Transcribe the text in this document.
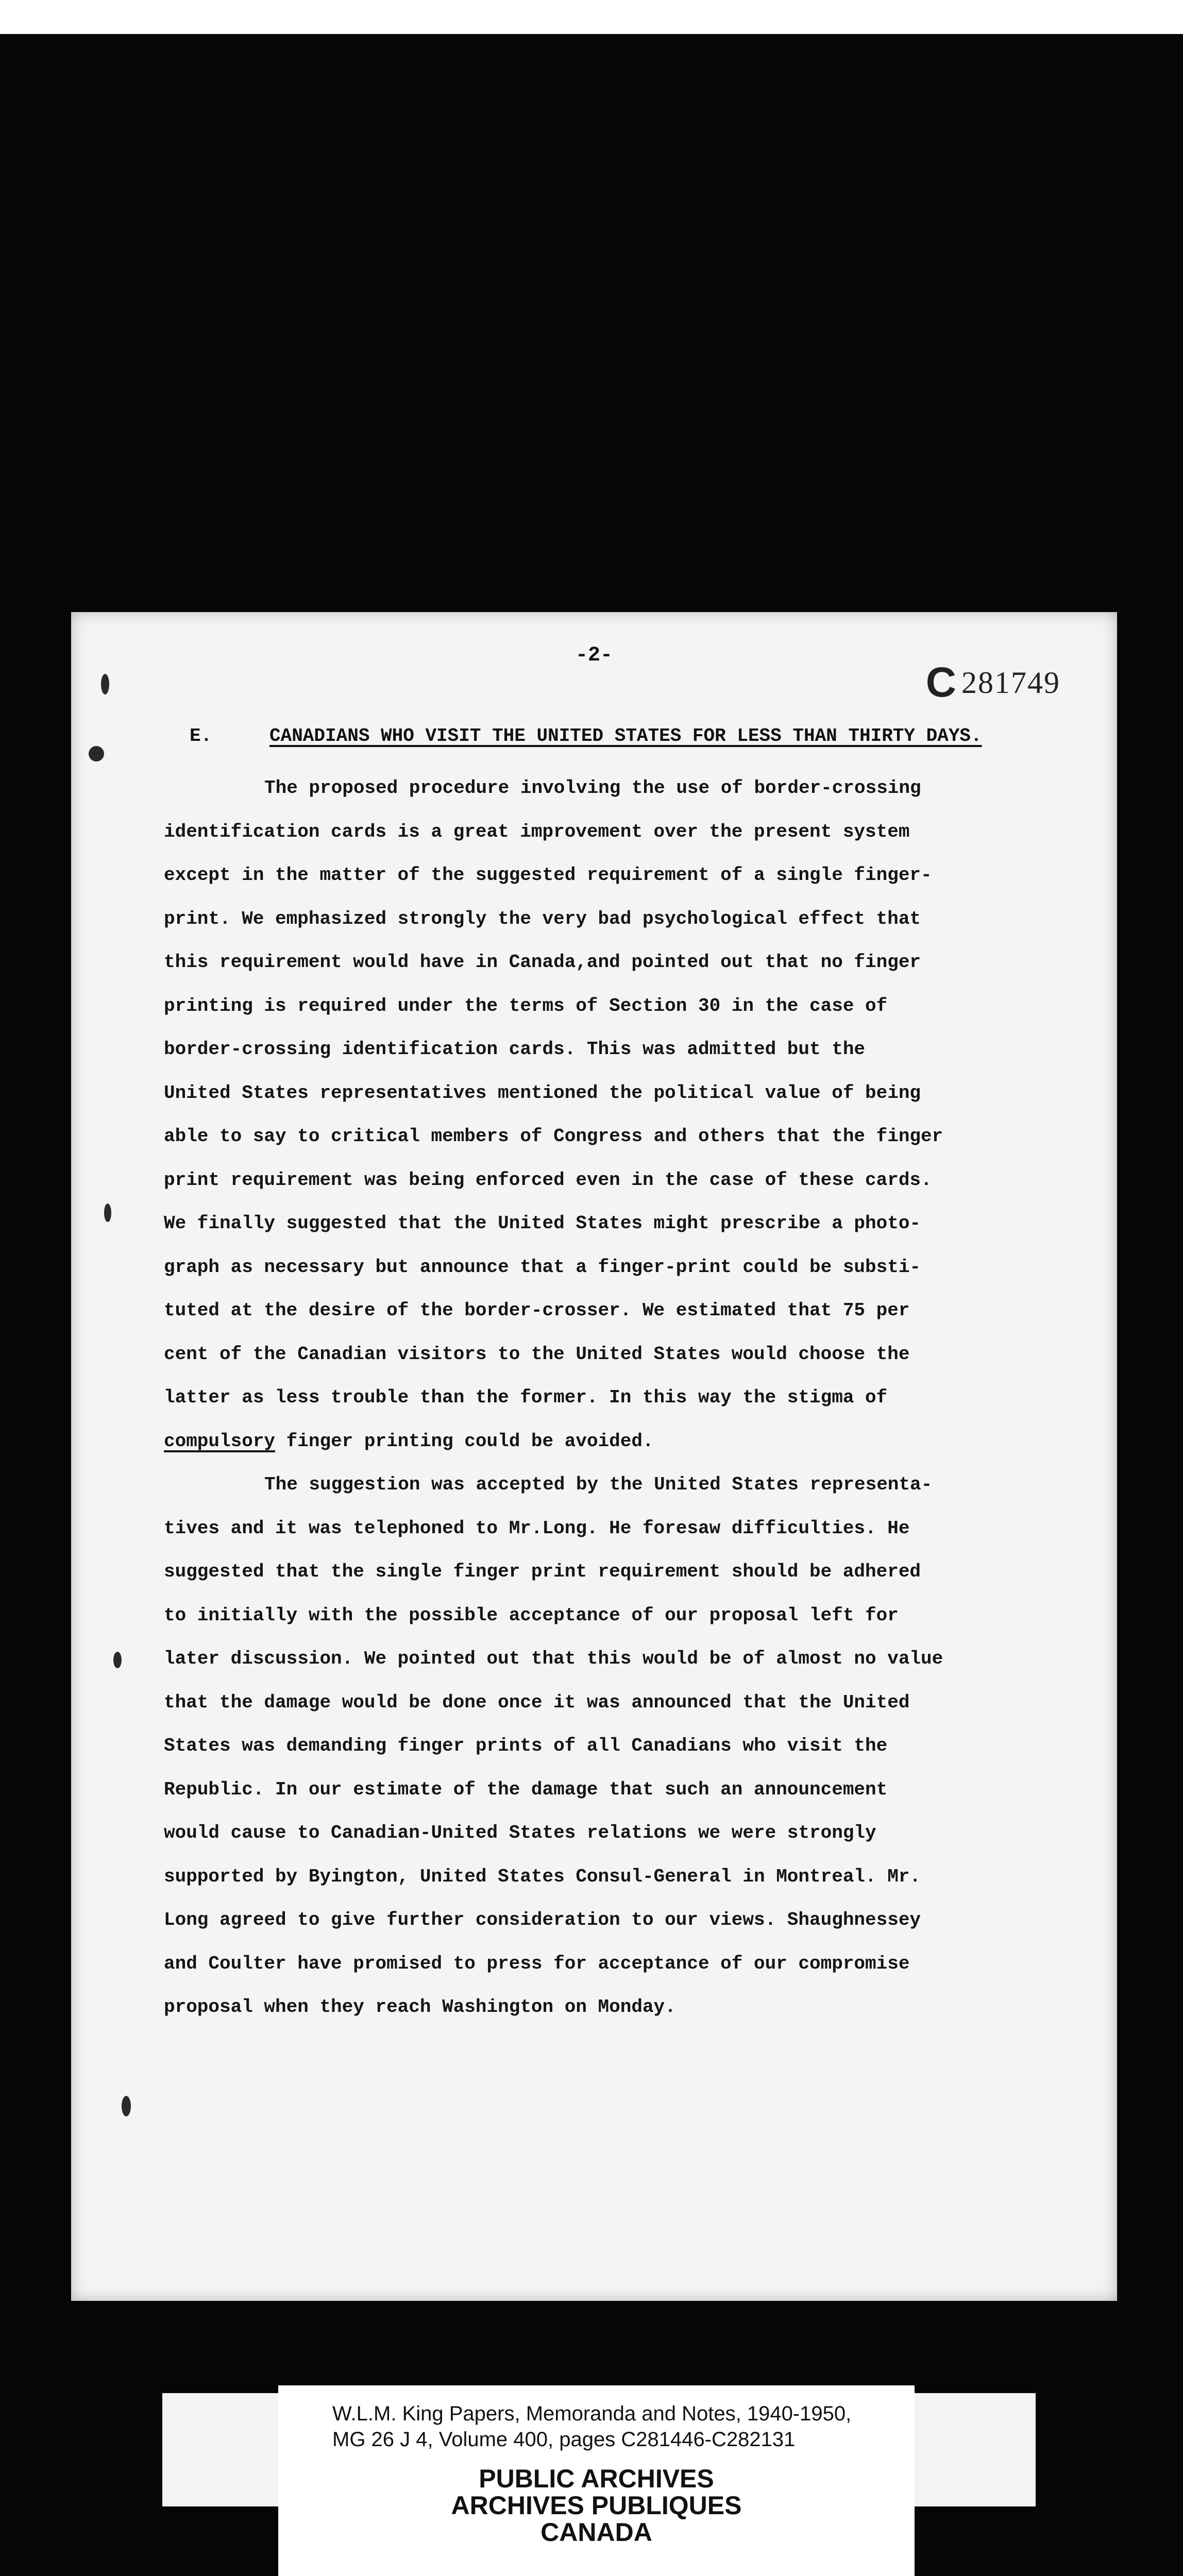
-2-
C 281749
E.	CANADIANS WHO VISIT THE UNITED STATES FOR LESS THAN THIRTY DAYS.
The proposed procedure involving the use of border-crossing
identification cards is a great improvement over the present system
except in the matter of the suggested requirement of a single finger-
print. We emphasized strongly the very bad psychological effect that
this requirement would have in Canada,and pointed out that no finger
printing is required under the terms of Section 30 in the case of
border-crossing identification cards. This was admitted but the
United States representatives mentioned the political value of being
able to say to critical members of Congress and others that the finger
print requirement was being enforced even in the case of these cards.
We finally suggested that the United States might prescribe a photo-
graph as necessary but announce that a finger-print could be substi-
tuted at the desire of the border-crosser. We estimated that 75 per
cent of the Canadian visitors to the United States would choose the
latter as less trouble than the former. In this way the stigma of
compulsory finger printing could be avoided.
The suggestion was accepted by the United States representa-
tives and it was telephoned to Mr.Long. He foresaw difficulties. He
suggested that the single finger print requirement should be adhered
to initially with the possible acceptance of our proposal left for
later discussion. We pointed out that this would be of almost no value
that the damage would be done once it was announced that the United
States was demanding finger prints of all Canadians who visit the
Republic. In our estimate of the damage that such an announcement
would cause to Canadian-United States relations we were strongly
supported by Byington, United States Consul-General in Montreal. Mr.
Long agreed to give further consideration to our views. Shaughnessey
and Coulter have promised to press for acceptance of our compromise
proposal when they reach Washington on Monday.
W.L.M. King Papers, Memoranda and Notes, 1940-1950,
MG 26 J 4, Volume 400, pages C281446-C282131
PUBLIC ARCHIVES
ARCHIVES PUBLIQUES
CANADA
